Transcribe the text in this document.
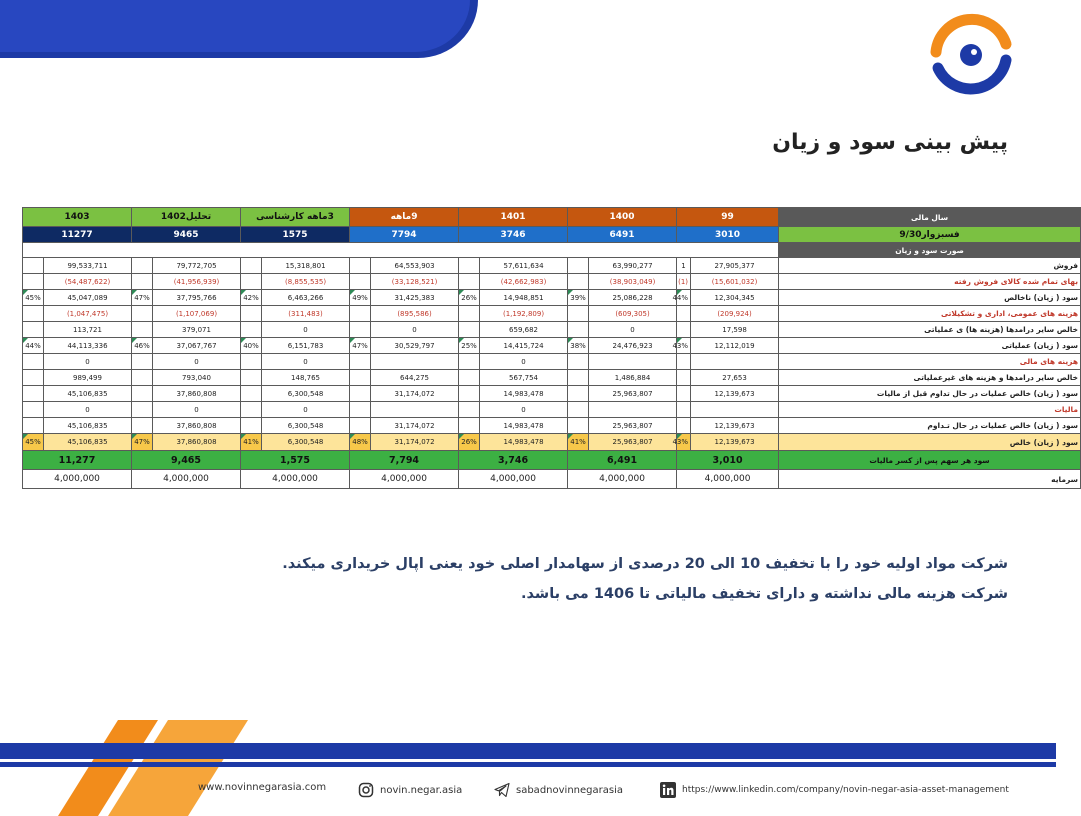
پیش بینی سود و زیان
سال مالی	99		1400		1401		9ماهه		3ماهه کارشناسی		تحلیل1402		1403	
فسبزوار9/30	3010		6491		3746		7794		1575		9465		11277	
صورت سود و زیان														
فروش	27,905,377	1	63,990,277		57,611,634		64,553,903		15,318,801		79,772,705		99,533,711	
بهای تمام شده کالای فروش رفته	(15,601,032)	(1)	(38,903,049)		(42,662,983)		(33,128,521)		(8,855,535)		(41,956,939)		(54,487,622)	
سود ( زیان) ناخالص	12,304,345	44%	25,086,228	39%	14,948,851	26%	31,425,383	49%	6,463,266	42%	37,795,766	47%	45,047,089	45%
هزینه های عمومی، اداری و تشکیلاتی	(209,924)		(609,305)		(1,192,809)		(895,586)		(311,483)		(1,107,069)		(1,047,475)	
خالص سایر درامدها (هزینه ها) ی عملیاتی	17,598		0		659,682		0		0		379,071		113,721	
سود ( زیان) عملیاتی	12,112,019	43%	24,476,923	38%	14,415,724	25%	30,529,797	47%	6,151,783	40%	37,067,767	46%	44,113,336	44%
هزینه های مالی					0				0		0		0	
خالص سایر درامدها و هزینه های غیرعملیاتی	27,653		1,486,884		567,754		644,275		148,765		793,040		989,499	
سود ( زیان) خالص عملیات در حال تداوم قبل از مالیات	12,139,673		25,963,807		14,983,478		31,174,072		6,300,548		37,860,808		45,106,835	
مالیات					0				0		0		0	
سود ( زیان) خالص عملیات در حال تـداوم	12,139,673		25,963,807		14,983,478		31,174,072		6,300,548		37,860,808		45,106,835	
سود ( زیان) خالص	12,139,673	43%	25,963,807	41%	14,983,478	26%	31,174,072	48%	6,300,548	41%	37,860,808	47%	45,106,835	45%
سود هر سهم پس از کسر مالیات	3,010		6,491		3,746		7,794		1,575		9,465		11,277	
سرمایه	4,000,000		4,000,000		4,000,000		4,000,000		4,000,000		4,000,000		4,000,000	
شرکت مواد اولیه خود را با تخفیف 10 الی 20 درصدی از سهامدار اصلی خود یعنی اپال خریداری میکند.
شرکت هزینه مالی نداشته و دارای تخفیف مالیاتی تا 1406 می باشد.
www.novinnegarasia.com	novin.negar.asia	sabadnovinnegarasia	https://www.linkedin.com/company/novin-negar-asia-asset-management
